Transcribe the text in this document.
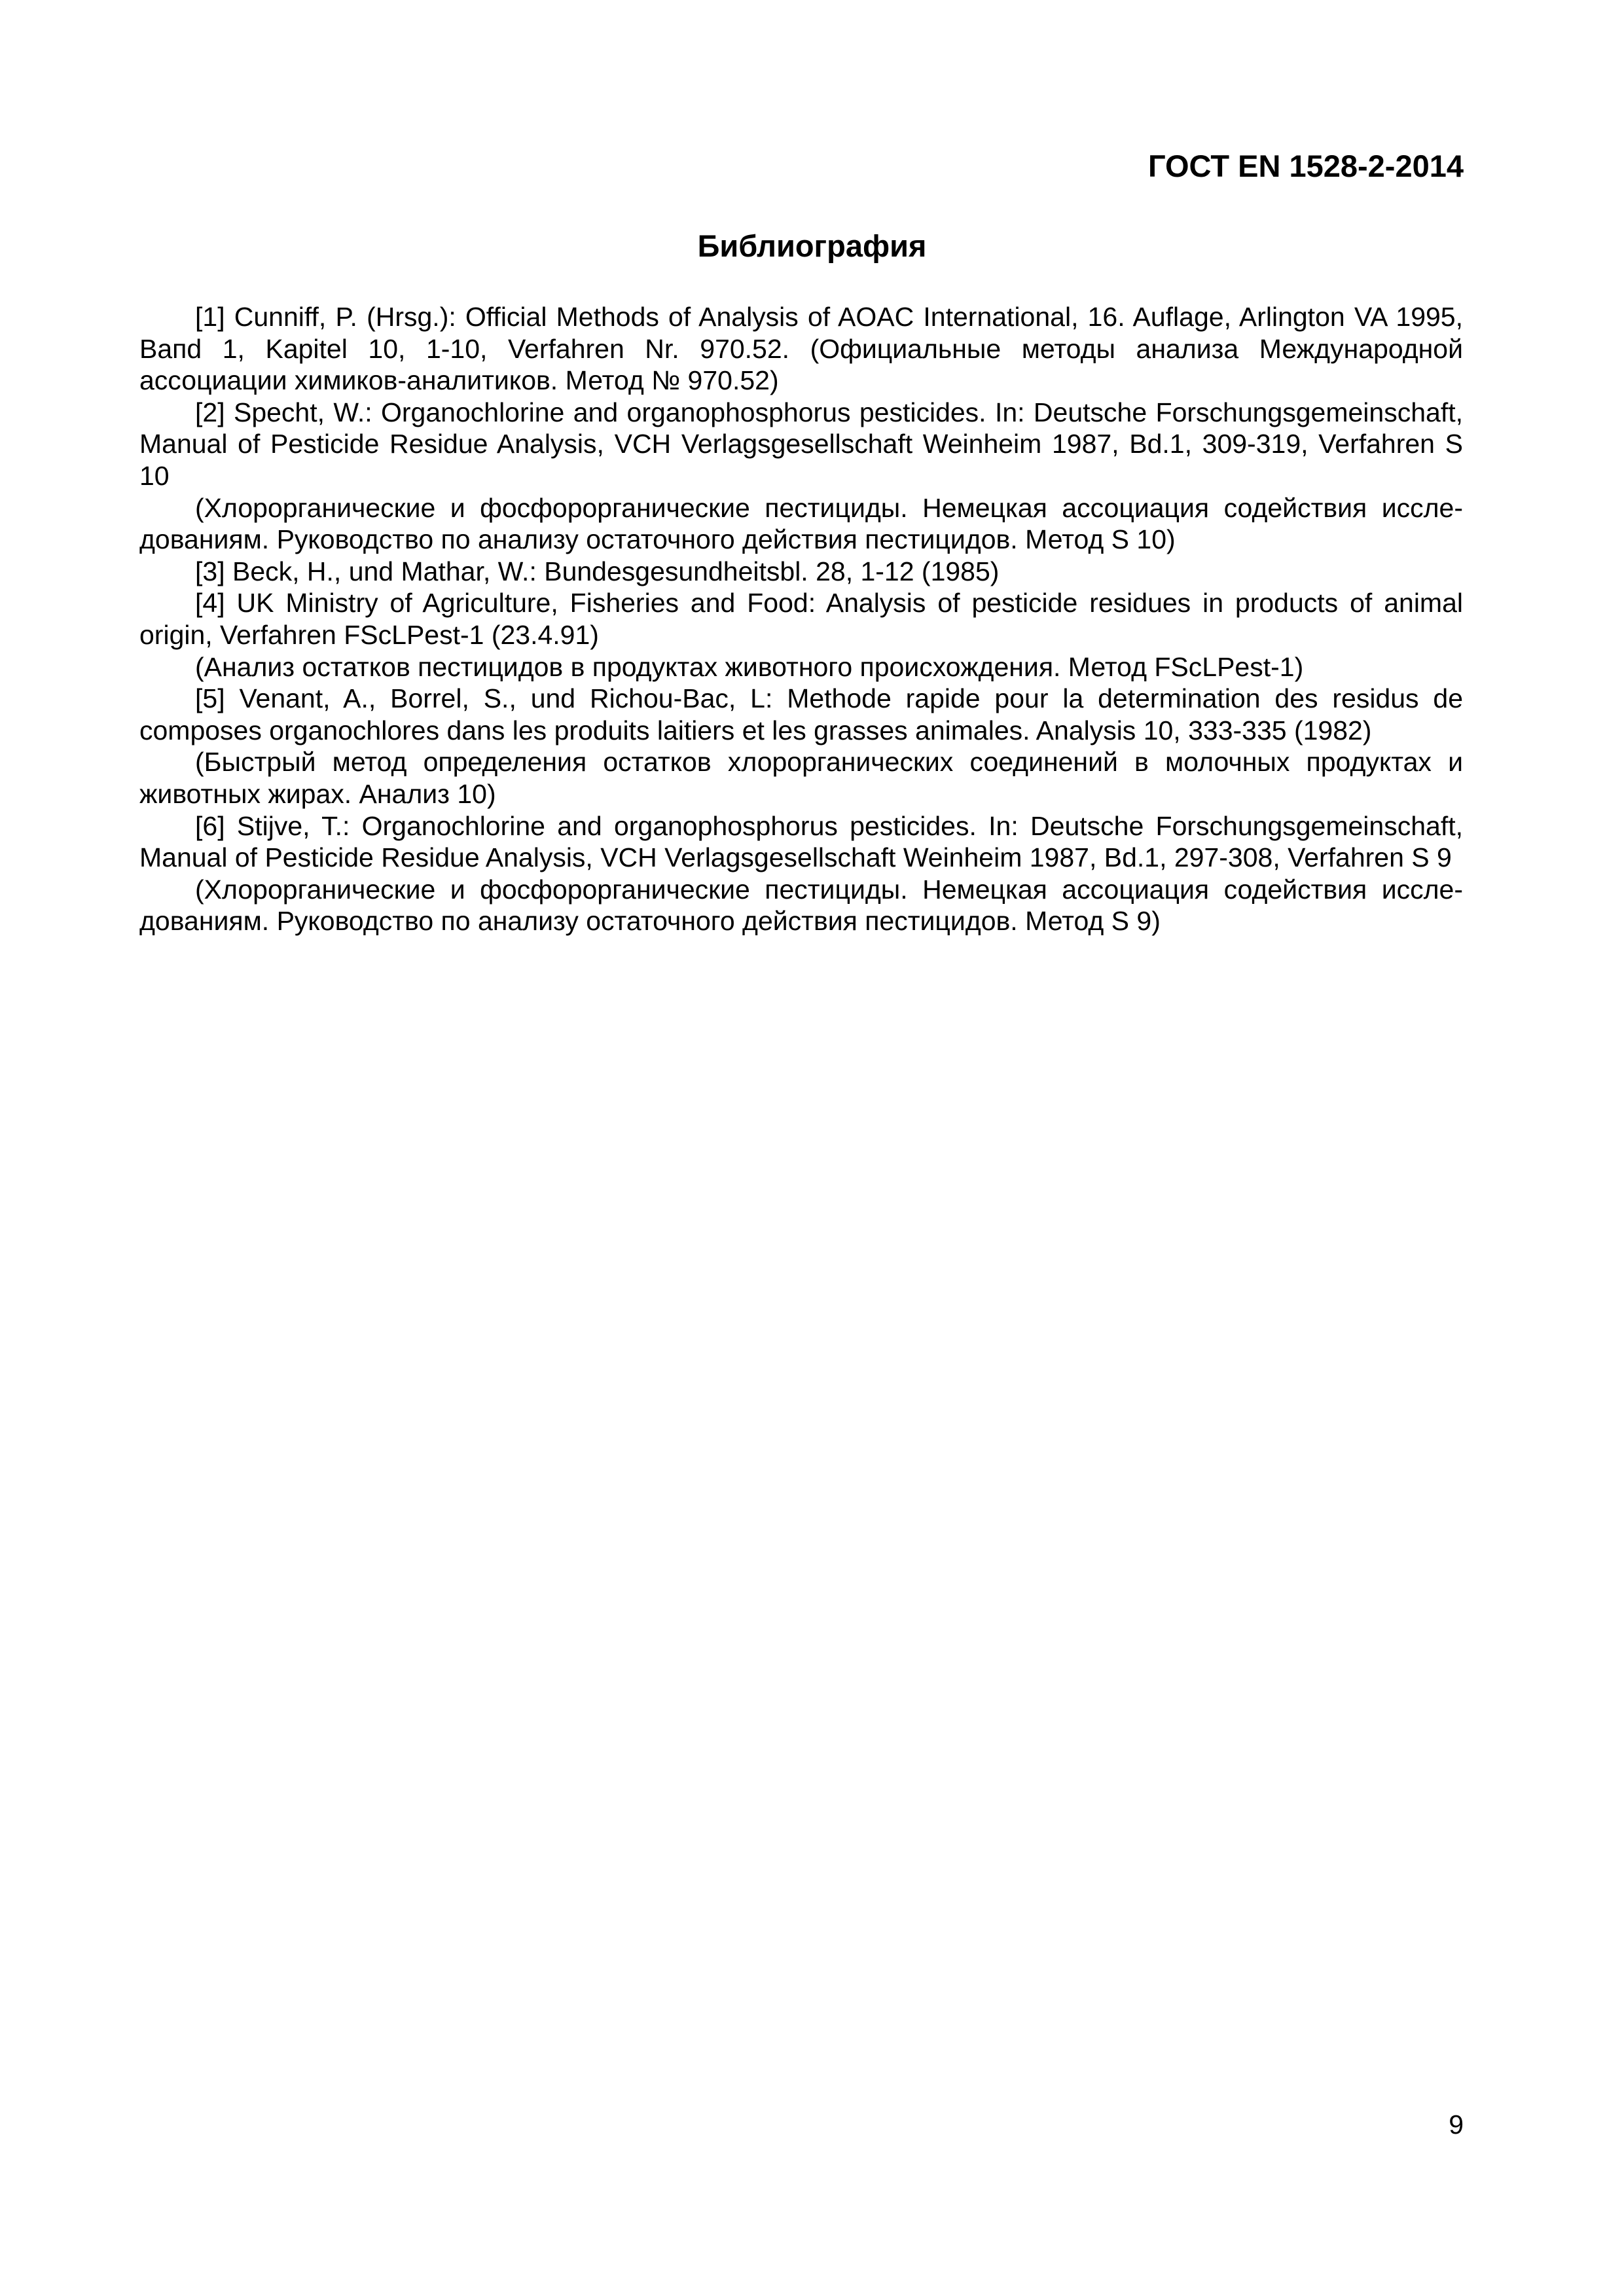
ГОСТ EN 1528-2-2014
Библиография

[1] Cunniff, P. (Hrsg.): Official Methods of Analysis of AOAC International, 16. Auflage, Arlington VA 1995, Bапd 1, Kapitel 10, 1-10, Verfahren Nr. 970.52. (Официальные методы анализа Международной ассоциации химиков-аналитиков. Метод № 970.52)

[2] Specht, W.: Organochlorine and organophosphorus pesticides. In: Deutsche Forschungsgemeinschaft, Manual of Pesticide Residue Analysis, VCH Verlagsgesellschaft Weinheim 1987, Bd.1, 309-319, Verfahren S 10

(Хлорорганические и фосфорорганические пестициды. Немецкая ассоциация содействия исследованиям. Руководство по анализу остаточного действия пестицидов. Метод S 10)

[3] Beck, H., und Mathar, W.: Bundesgesundheitsbl. 28, 1-12 (1985)

[4] UK Ministry of Agriculture, Fisheries and Food: Analysis of pesticide residues in products of animal origin, Verfahren FScLPest-1 (23.4.91)

(Анализ остатков пестицидов в продуктах животного происхождения. Метод FScLPest-1)

[5] Venant, A., Borrel, S., und Richou-Bac, L: Methode rapide pour la determination des residus de composes organochlores dans les produits laitiers et les grasses animales. Analysis 10, 333-335 (1982)

(Быстрый метод определения остатков хлорорганических соединений в молочных продуктах и животных жирах. Анализ 10)

[6] Stijve, T.: Organochlorine and organophosphorus pesticides. In: Deutsche Forschungsgemeinschaft, Manual of Pesticide Residue Analysis, VCH Verlagsgesellschaft Weinheim 1987, Bd.1, 297-308, Verfahren S 9

(Хлорорганические и фосфорорганические пестициды. Немецкая ассоциация содействия исследованиям. Руководство по анализу остаточного действия пестицидов. Метод S 9)

9
